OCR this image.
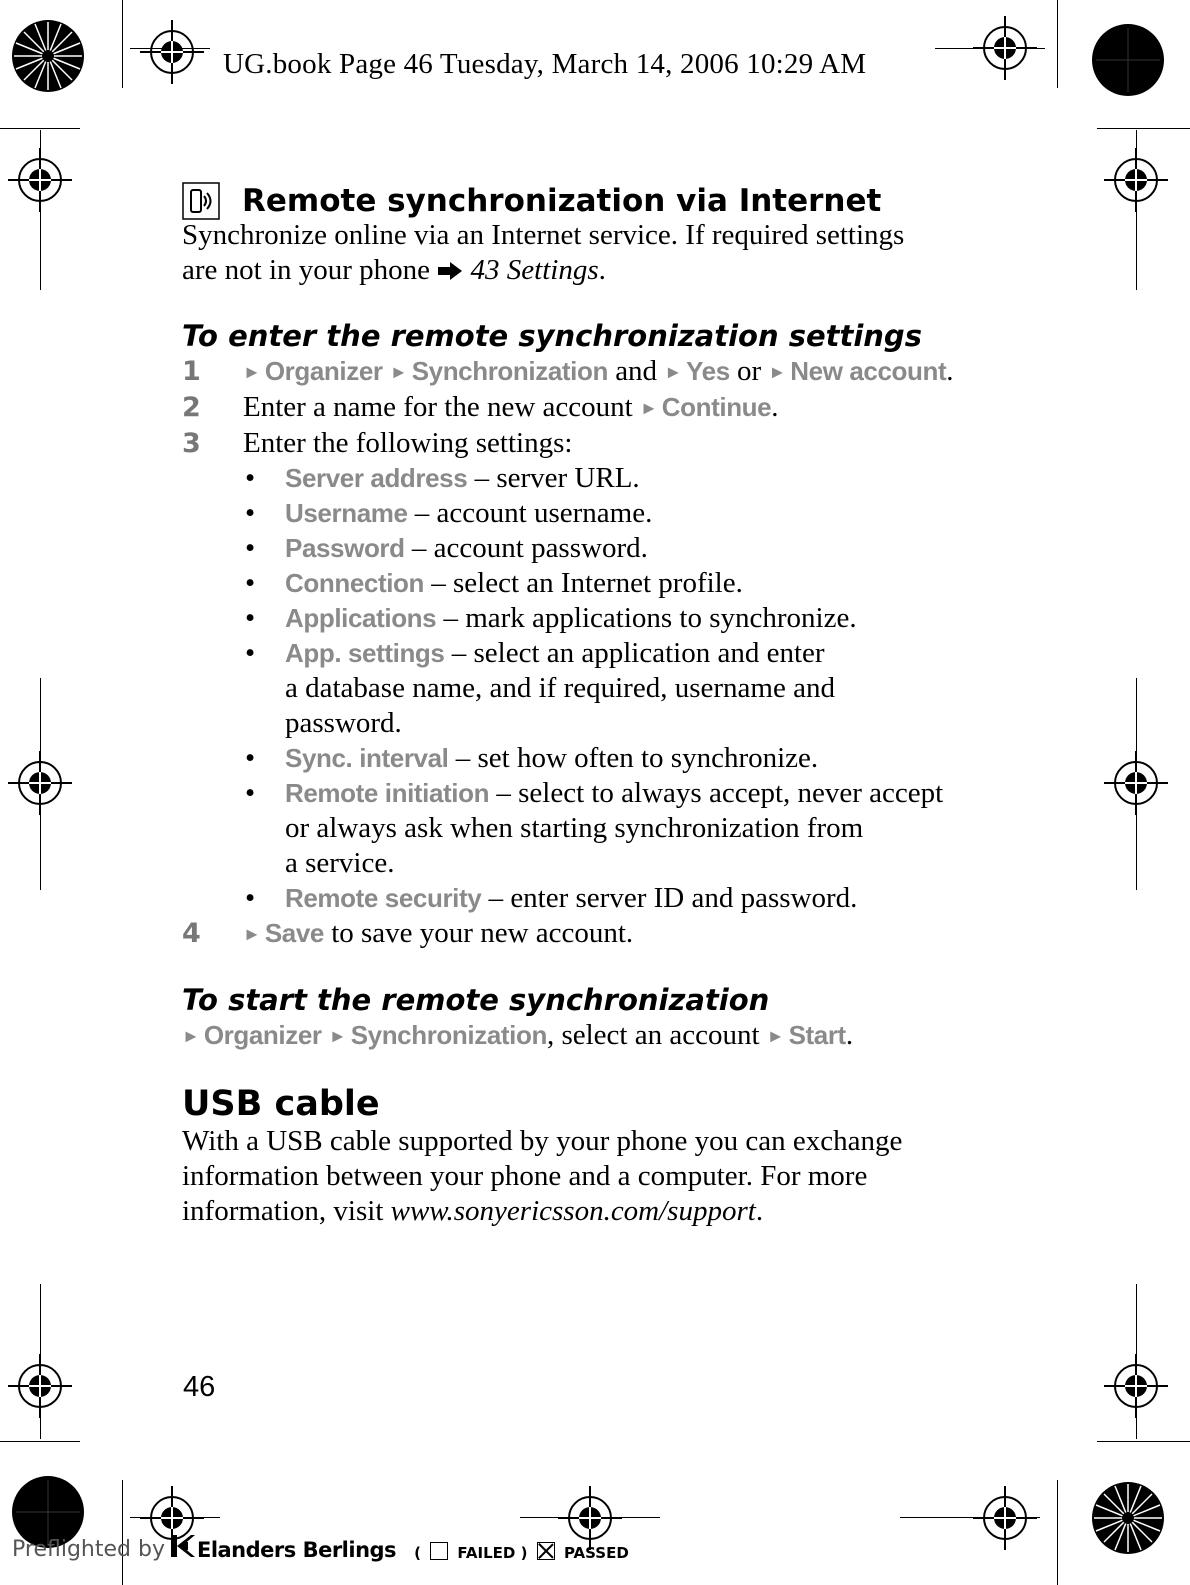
UG.book Page 46 Tuesday, March 14, 2006 10:29 AM
Remote synchronization via Internet

Synchronize online via an Internet service. If required settings
are not in your phone 43 Settings.

To enter the remote synchronization settings
1	► Organizer ► Synchronization and ► Yes or ► New account.
2	Enter a name for the new account ► Continue.
3	Enter the following settings:
•	Server address – server URL.
•	Username – account username.
•	Password – account password.
•	Connection – select an Internet profile.
•	Applications – mark applications to synchronize.
•	App. settings – select an application and enter
a database name, and if required, username and
password.
•	Sync. interval – set how often to synchronize.
•	Remote initiation – select to always accept, never accept
or always ask when starting synchronization from
a service.
•	Remote security – enter server ID and password.
4	► Save to save your new account.
To start the remote synchronization

► Organizer ► Synchronization, select an account ► Start.

USB cable

With a USB cable supported by your phone you can exchange
information between your phone and a computer. For more
information, visit www.sonyericsson.com/support.

46
Preflighted by Elanders Berlings ( FAILED ) PASSED
